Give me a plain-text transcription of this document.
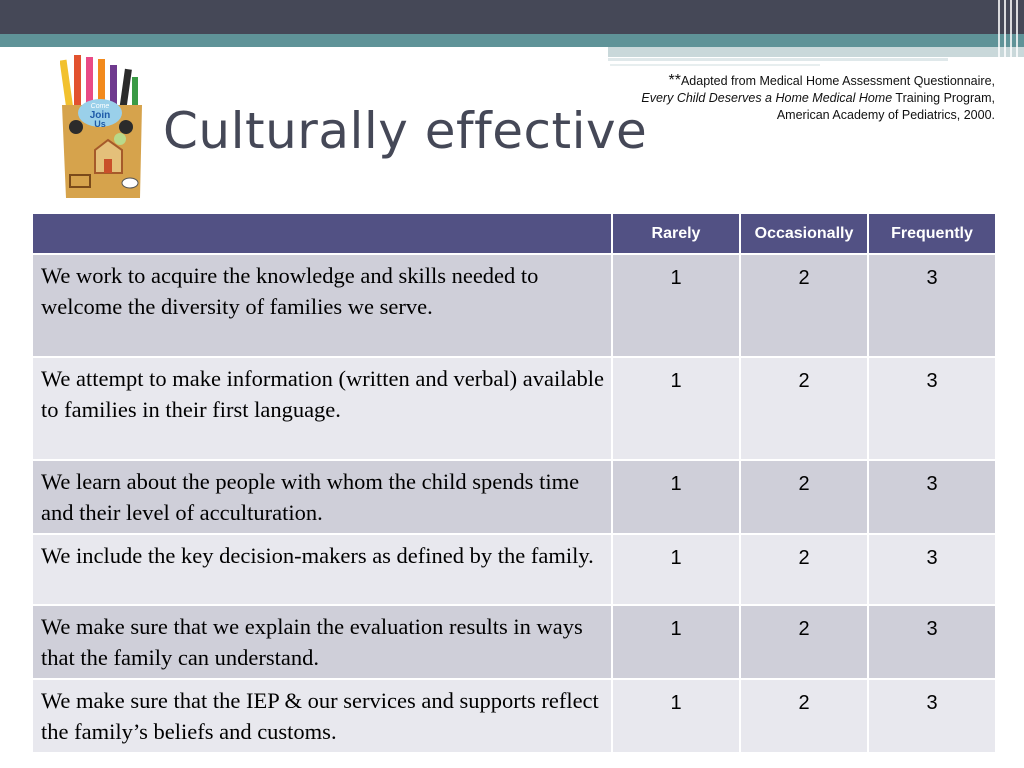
Come
Join
Us Culturally effective
**Adapted from Medical Home Assessment Questionnaire,
Every Child Deserves a Home Medical Home Training Program,
American Academy of Pediatrics, 2000.
	Rarely	Occasionally	Frequently
We work to acquire the knowledge and skills needed to welcome the diversity of families we serve.	1	2	3
We attempt to make information (written and verbal) available to families in their first language.	1	2	3
We learn about the people with whom the child spends time and their level of acculturation.	1	2	3
We include the key decision-makers as defined by the family.	1	2	3
We make sure that we explain the evaluation results in ways that the family can understand.	1	2	3
We make sure that the IEP & our services and supports reflect the family’s beliefs and customs.	1	2	3
